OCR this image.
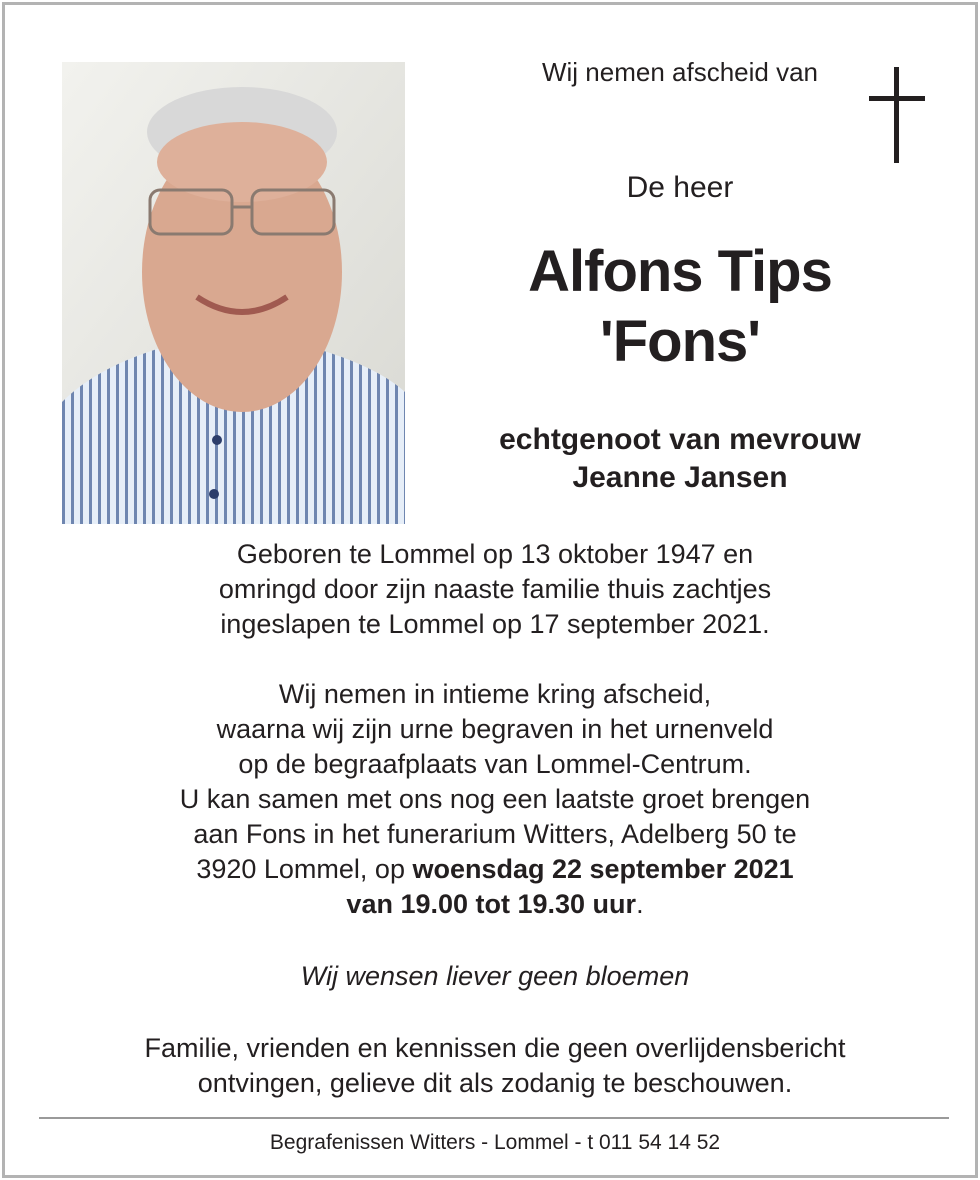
Wij nemen afscheid van
De heer
Alfons Tips
'Fons'
echtgenoot van mevrouw
Jeanne Jansen
Geboren te Lommel op 13 oktober 1947 en
omringd door zijn naaste familie thuis zachtjes
ingeslapen te Lommel op 17 september 2021.
Wij nemen in intieme kring afscheid,
waarna wij zijn urne begraven in het urnenveld
op de begraafplaats van Lommel-Centrum.
U kan samen met ons nog een laatste groet brengen
aan Fons in het funerarium Witters, Adelberg 50 te
3920 Lommel, op woensdag 22 september 2021
van 19.00 tot 19.30 uur.
Wij wensen liever geen bloemen
Familie, vrienden en kennissen die geen overlijdensbericht
ontvingen, gelieve dit als zodanig te beschouwen.
Begrafenissen Witters - Lommel - t 011 54 14 52
